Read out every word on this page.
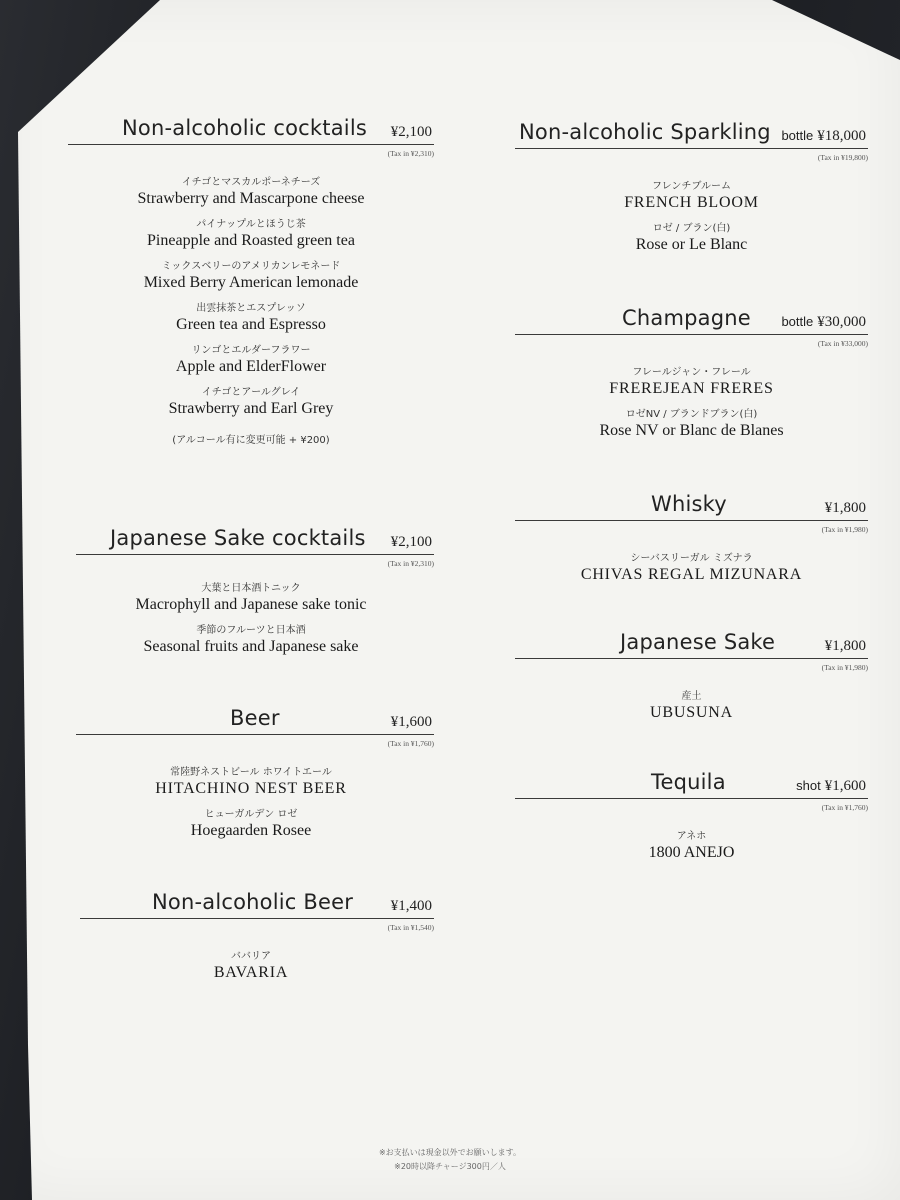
Non-alcoholic cocktails ¥2,100
(Tax in ¥2,310)
イチゴとマスカルポーネチーズ
Strawberry and Mascarpone cheese
パイナップルとほうじ茶
Pineapple and Roasted green tea
ミックスベリーのアメリカンレモネード
Mixed Berry American lemonade
出雲抹茶とエスプレッソ
Green tea and Espresso
リンゴとエルダーフラワー
Apple and ElderFlower
イチゴとアールグレイ
Strawberry and Earl Grey
(アルコール有に変更可能 + ¥200)
Japanese Sake cocktails ¥2,100
(Tax in ¥2,310)
大葉と日本酒トニック
Macrophyll and Japanese sake tonic
季節のフルーツと日本酒
Seasonal fruits and Japanese sake
Beer	¥1,600
(Tax in ¥1,760)
常陸野ネストビール ホワイトエール
HITACHINO NEST BEER
ヒューガルデン ロゼ
Hoegaarden Rosee
Non-alcoholic Beer	¥1,400
(Tax in ¥1,540)
ババリア
BAVARIA
Non-alcoholic Sparkling bottle ¥18,000
(Tax in ¥19,800)
フレンチブルーム
FRENCH BLOOM
ロゼ / ブラン(白)
Rose or Le Blanc
Champagne bottle ¥30,000
(Tax in ¥33,000)
フレールジャン・フレール
FREREJEAN FRERES
ロゼNV / ブランドブラン(白)
Rose NV or Blanc de Blanes
Whisky	¥1,800
(Tax in ¥1,980)
シーバスリーガル ミズナラ
CHIVAS REGAL MIZUNARA
Japanese Sake	¥1,800
(Tax in ¥1,980)
産土
UBUSUNA
Tequila	shot ¥1,600
(Tax in ¥1,760)
アネホ
1800 ANEJO
※お支払いは現金以外でお願いします。
※20時以降チャージ300円／人
